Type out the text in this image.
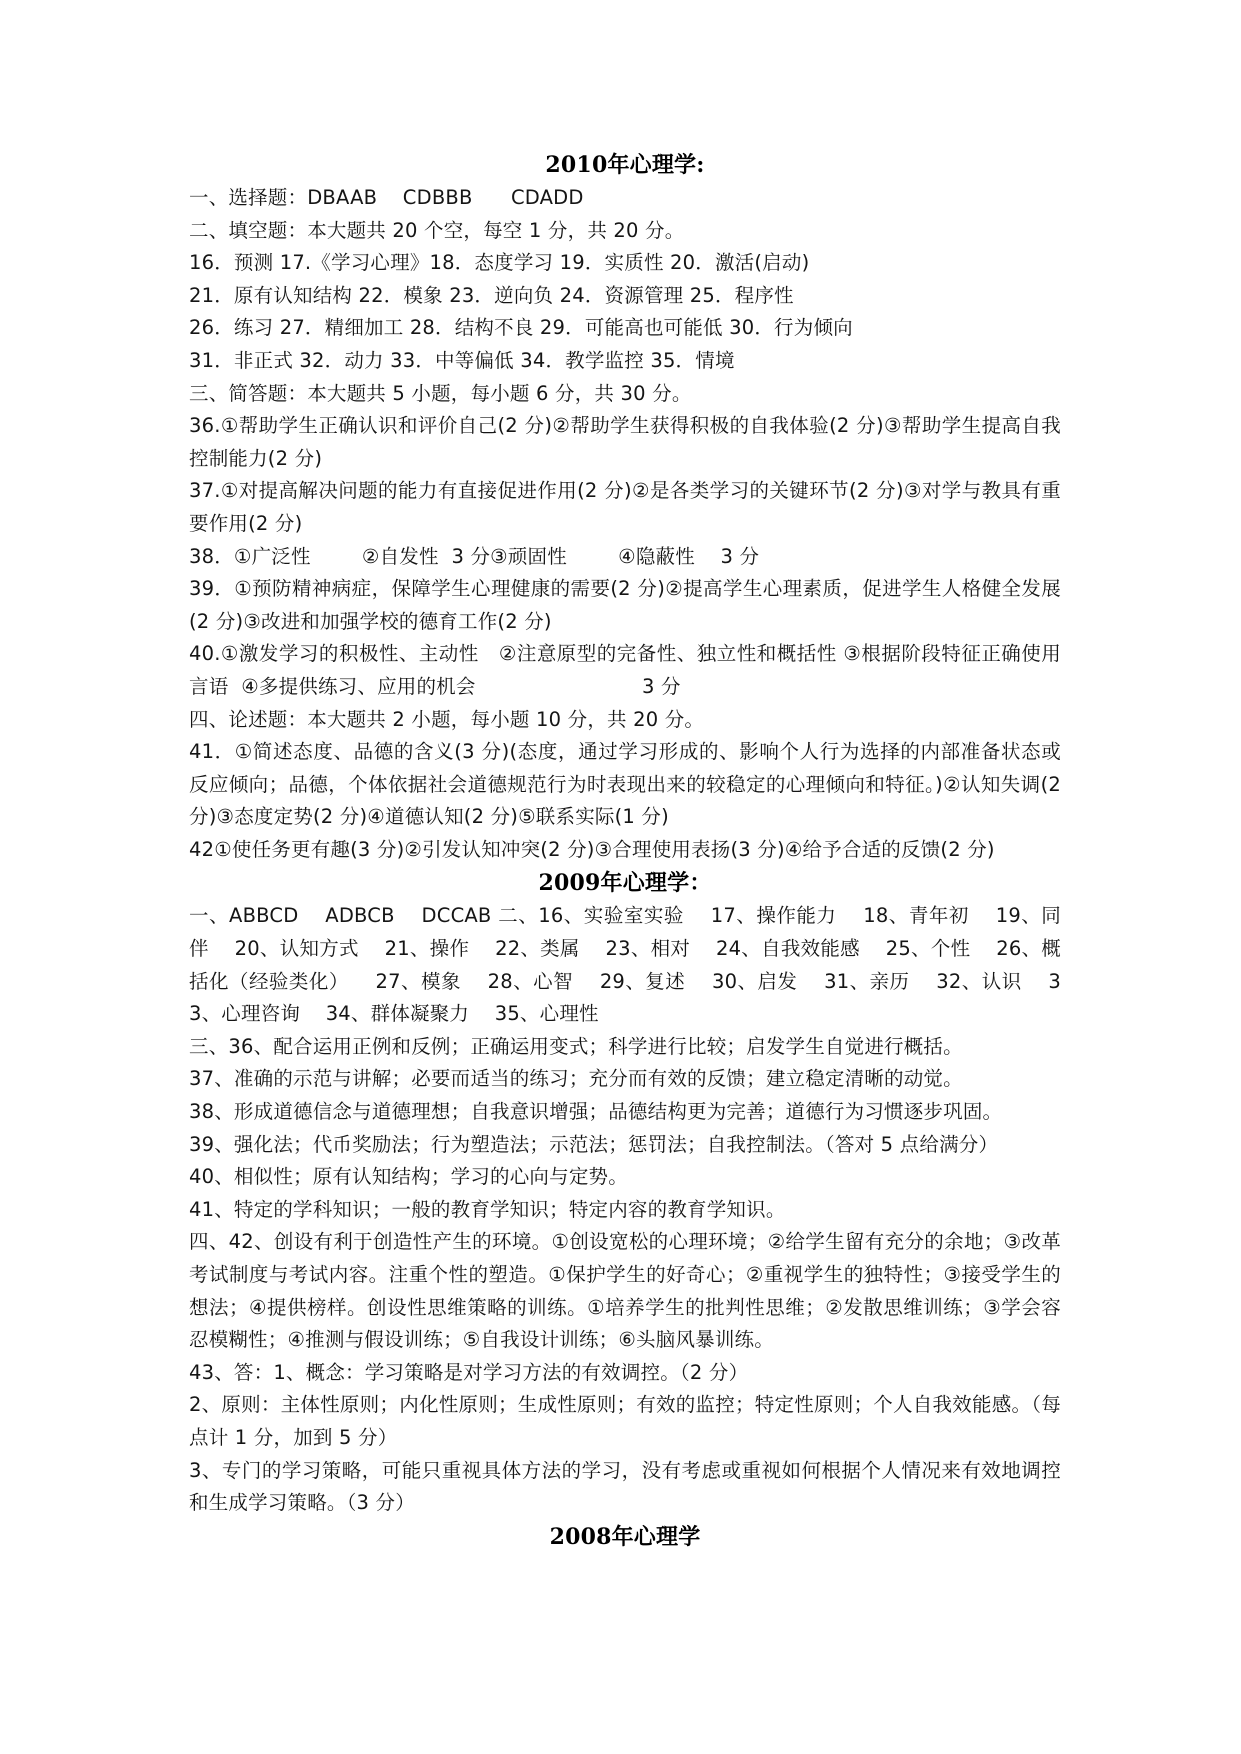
2010年心理学:

一、选择题：DBAAB    CDBBB      CDADD

二、填空题：本大题共 20 个空，每空 1 分，共 20 分。

16．预测 17.《学习心理》18．态度学习 19．实质性 20．激活(启动)

21．原有认知结构 22．模象 23．逆向负 24．资源管理 25．程序性

26．练习 27．精细加工 28．结构不良 29．可能高也可能低 30．行为倾向

31．非正式 32．动力 33．中等偏低 34．教学监控 35．情境

三、简答题：本大题共 5 小题，每小题 6 分，共 30 分。

36.①帮助学生正确认识和评价自己(2 分)②帮助学生获得积极的自我体验(2 分)③帮助学生提高自我控制能力(2 分)

37.①对提高解决问题的能力有直接促进作用(2 分)②是各类学习的关键环节(2 分)③对学与教具有重要作用(2 分)

38．①广泛性        ②自发性  3 分③顽固性        ④隐蔽性    3 分

39．①预防精神病症，保障学生心理健康的需要(2 分)②提高学生心理素质，促进学生人格健全发展(2 分)③改进和加强学校的德育工作(2 分)

40.①激发学习的积极性、主动性   ②注意原型的完备性、独立性和概括性 ③根据阶段特征正确使用言语  ④多提供练习、应用的机会                          3 分

四、论述题：本大题共 2 小题，每小题 10 分，共 20 分。

41．①简述态度、品德的含义(3 分)(态度，通过学习形成的、影响个人行为选择的内部准备状态或反应倾向；品德，个体依据社会道德规范行为时表现出来的较稳定的心理倾向和特征。)②认知失调(2 分)③态度定势(2 分)④道德认知(2 分)⑤联系实际(1 分)

42①使任务更有趣(3 分)②引发认知冲突(2 分)③合理使用表扬(3 分)④给予合适的反馈(2 分)

2009年心理学：

一、ABBCD    ADBCB    DCCAB 二、16、实验室实验    17、操作能力    18、青年初    19、同伴    20、认知方式    21、操作    22、类属    23、相对    24、自我效能感    25、个性    26、概括化（经验类化）    27、模象    28、心智    29、复述    30、启发    31、亲历    32、认识    33、心理咨询    34、群体凝聚力    35、心理性

三、36、配合运用正例和反例；正确运用变式；科学进行比较；启发学生自觉进行概括。

37、准确的示范与讲解；必要而适当的练习；充分而有效的反馈；建立稳定清晰的动觉。

38、形成道德信念与道德理想；自我意识增强；品德结构更为完善；道德行为习惯逐步巩固。

39、强化法；代币奖励法；行为塑造法；示范法；惩罚法；自我控制法。（答对 5 点给满分）

40、相似性；原有认知结构；学习的心向与定势。

41、特定的学科知识；一般的教育学知识；特定内容的教育学知识。

四、42、创设有利于创造性产生的环境。①创设宽松的心理环境；②给学生留有充分的余地；③改革考试制度与考试内容。注重个性的塑造。①保护学生的好奇心；②重视学生的独特性；③接受学生的想法；④提供榜样。创设性思维策略的训练。①培养学生的批判性思维；②发散思维训练；③学会容忍模糊性；④推测与假设训练；⑤自我设计训练；⑥头脑风暴训练。

43、答：1、概念：学习策略是对学习方法的有效调控。（2 分）

2、原则：主体性原则；内化性原则；生成性原则；有效的监控；特定性原则；个人自我效能感。（每点计 1 分，加到 5 分）

3、专门的学习策略，可能只重视具体方法的学习，没有考虑或重视如何根据个人情况来有效地调控和生成学习策略。（3 分）

2008年心理学
